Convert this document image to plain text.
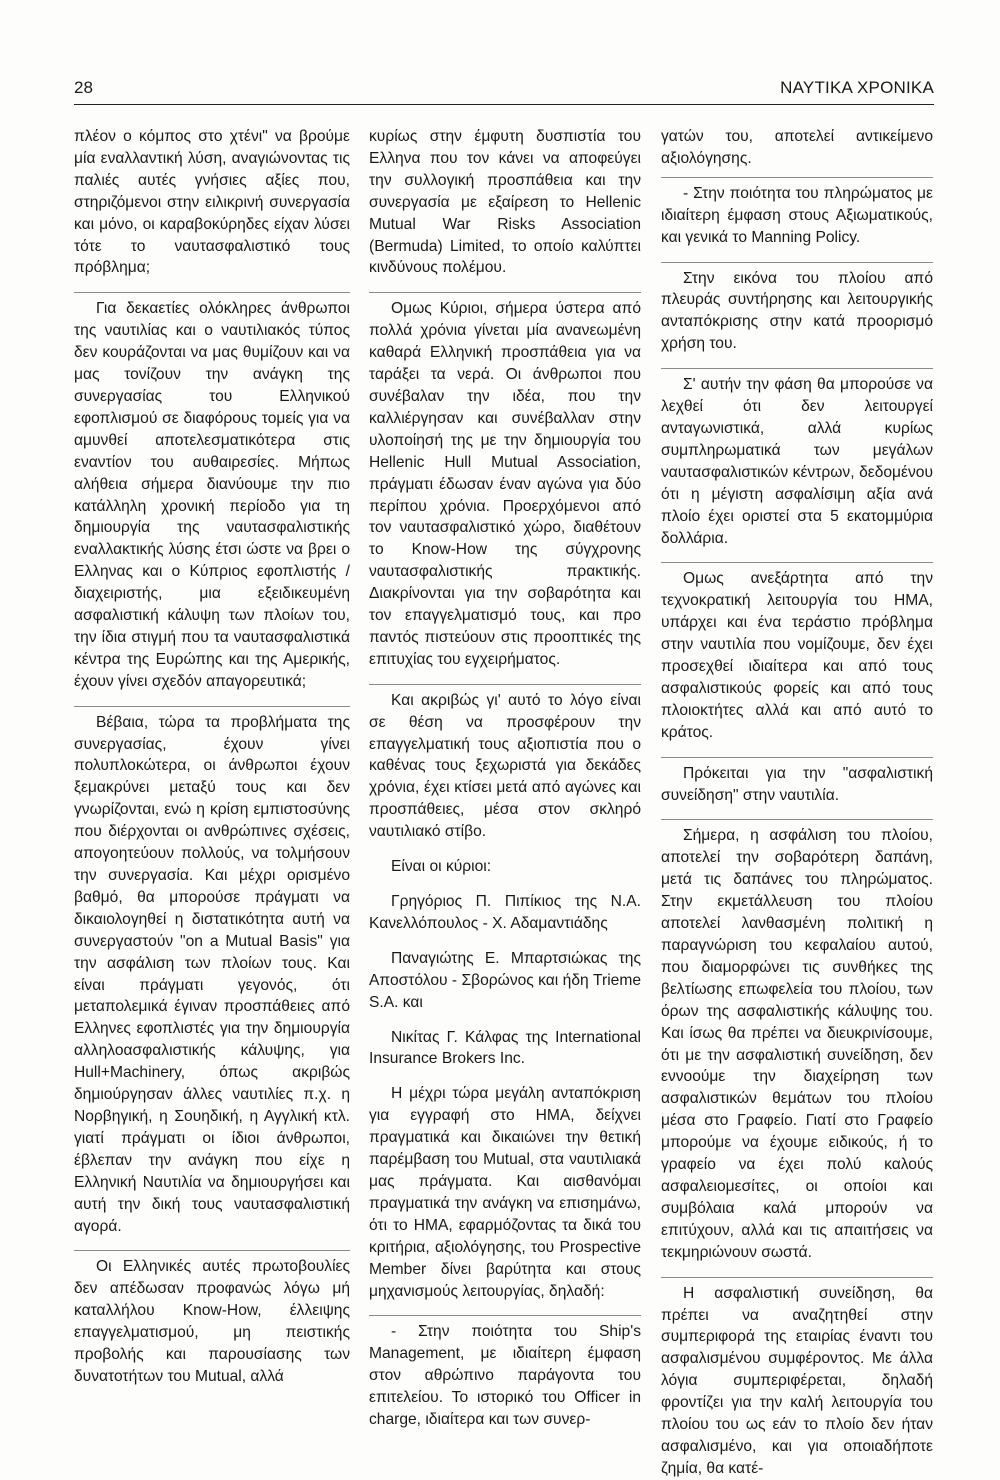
28	ΝΑΥΤΙΚΑ ΧΡΟΝΙΚΑ

πλέον ο κόμπος στο χτένι" να βρούμε μία εναλλαντική λύση, αναγιώνοντας τις παλιές αυτές γνήσιες αξίες που, στηριζόμενοι στην ειλικρινή συνεργασία και μόνο, οι καραβοκύρηδες είχαν λύσει τότε το ναυτασφαλιστικό τους πρόβλημα;

Για δεκαετίες ολόκληρες άνθρωποι της ναυτιλίας και ο ναυτιλιακός τύπος δεν κουράζονται να μας θυμίζουν και να μας τονίζουν την ανάγκη της συνεργασίας του Ελληνικού εφοπλισμού σε διαφόρους τομείς για να αμυνθεί αποτελεσματικότερα στις εναντίον του αυθαιρεσίες. Μήπως αλήθεια σήμερα διανύουμε την πιο κατάλληλη χρονική περίοδο για τη δημιουργία της ναυτασφαλιστικής εναλλακτικής λύσης έτσι ώστε να βρει ο Ελληνας και ο Κύπριος εφοπλιστής /διαχειριστής, μια εξειδικευμένη ασφαλιστική κάλυψη των πλοίων του, την ίδια στιγμή που τα ναυτασφαλιστικά κέντρα της Ευρώπης και της Αμερικής, έχουν γίνει σχεδόν απαγορευτικά;

Βέβαια, τώρα τα προβλήματα της συνεργασίας, έχουν γίνει πολυπλοκώτερα, οι άνθρωποι έχουν ξεμακρύνει μεταξύ τους και δεν γνωρίζονται, ενώ η κρίση εμπιστοσύνης που διέρχονται οι ανθρώπινες σχέσεις, απογοητεύουν πολλούς, να τολμήσουν την συνεργασία. Και μέχρι ορισμένο βαθμό, θα μπορούσε πράγματι να δικαιολογηθεί η διστατικότητα αυτή να συνεργαστούν "on a Mutual Basis" για την ασφάλιση των πλοίων τους. Και είναι πράγματι γεγονός, ότι μεταπολεμικά έγιναν προσπάθειες από Ελληνες εφοπλιστές για την δημιουργία αλληλοασφαλιστικής κάλυψης, για Hull+Machinery, όπως ακριβώς δημιούργησαν άλλες ναυτιλίες π.χ. η Νορβηγική, η Σουηδική, η Αγγλική κτλ. γιατί πράγματι οι ίδιοι άνθρωποι, έβλεπαν την ανάγκη που είχε η Ελληνική Ναυτιλία να δημιουργήσει και αυτή την δική τους ναυτασφαλιστική αγορά.

Οι Ελληνικές αυτές πρωτοβουλίες δεν απέδωσαν προφανώς λόγω μή καταλλήλου Know-How, έλλειψης επαγγελματισμού, μη πειστικής προβολής και παρουσίασης των δυνατοτήτων του Mutual, αλλά

κυρίως στην έμφυτη δυσπιστία του Ελληνα που τον κάνει να αποφεύγει την συλλογική προσπάθεια και την συνεργασία με εξαίρεση το Hellenic Mutual War Risks Association (Bermuda) Limited, το οποίο καλύπτει κινδύνους πολέμου.

Ομως Κύριοι, σήμερα ύστερα από πολλά χρόνια γίνεται μία ανανεωμένη καθαρά Ελληνική προσπάθεια για να ταράξει τα νερά. Οι άνθρωποι που συνέβαλαν την ιδέα, που την καλλιέργησαν και συνέβαλλαν στην υλοποίησή της με την δημιουργία του Hellenic Hull Mutual Association, πράγματι έδωσαν έναν αγώνα για δύο περίπου χρόνια. Προερχόμενοι από τον ναυτασφαλιστικό χώρο, διαθέτουν το Know-How της σύγχρονης ναυτασφαλιστικής πρακτικής. Διακρίνονται για την σοβαρότητα και τον επαγγελματισμό τους, και προ παντός πιστεύουν στις προοπτικές της επιτυχίας του εγχειρήματος.

Και ακριβώς γι' αυτό το λόγο είναι σε θέση να προσφέρουν την επαγγελματική τους αξιοπιστία που ο καθένας τους ξεχωριστά για δεκάδες χρόνια, έχει κτίσει μετά από αγώνες και προσπάθειες, μέσα στον σκληρό ναυτιλιακό στίβο.

Είναι οι κύριοι:

Γρηγόριος Π. Πιπίκιος της Ν.Α. Κανελλόπουλος - Χ. Αδαμαντιάδης

Παναγιώτης Ε. Μπαρτσιώκας της Αποστόλου - Σβορώνος και ήδη Trieme S.A. και

Νικίτας Γ. Κάλφας της International Insurance Brokers Inc.

Η μέχρι τώρα μεγάλη ανταπόκριση για εγγραφή στο ΗΜΑ, δείχνει πραγματικά και δικαιώνει την θετική παρέμβαση του Mutual, στα ναυτιλιακά μας πράγματα. Και αισθανόμαι πραγματικά την ανάγκη να επισημάνω, ότι το ΗΜΑ, εφαρμόζοντας τα δικά του κριτήρια, αξιολόγησης, του Prospective Member δίνει βαρύτητα και στους μηχανισμούς λειτουργίας, δηλαδή:

- Στην ποιότητα του Ship's Management, με ιδιαίτερη έμφαση στον αθρώπινο παράγοντα του επιτελείου. Το ιστορικό του Officer in charge, ιδιαίτερα και των συνερ-

γατών του, αποτελεί αντικείμενο αξιολόγησης.

- Στην ποιότητα του πληρώματος με ιδιαίτερη έμφαση στους Αξιωματικούς, και γενικά το Manning Policy.

Στην εικόνα του πλοίου από πλευράς συντήρησης και λειτουργικής ανταπόκρισης στην κατά προορισμό χρήση του.

Σ' αυτήν την φάση θα μπορούσε να λεχθεί ότι δεν λειτουργεί ανταγωνιστικά, αλλά κυρίως συμπληρωματικά των μεγάλων ναυτασφαλιστικών κέντρων, δεδομένου ότι η μέγιστη ασφαλίσιμη αξία ανά πλοίο έχει οριστεί στα 5 εκατομμύρια δολλάρια.

Ομως ανεξάρτητα από την τεχνοκρατική λειτουργία του ΗΜΑ, υπάρχει και ένα τεράστιο πρόβλημα στην ναυτιλία που νομίζουμε, δεν έχει προσεχθεί ιδιαίτερα και από τους ασφαλιστικούς φορείς και από τους πλοιοκτήτες αλλά και από αυτό το κράτος.

Πρόκειται για την "ασφαλιστική συνείδηση" στην ναυτιλία.

Σήμερα, η ασφάλιση του πλοίου, αποτελεί την σοβαρότερη δαπάνη, μετά τις δαπάνες του πληρώματος. Στην εκμετάλλευση του πλοίου αποτελεί λανθασμένη πολιτική η παραγνώριση του κεφαλαίου αυτού, που διαμορφώνει τις συνθήκες της βελτίωσης επωφελεία του πλοίου, των όρων της ασφαλιστικής κάλυψης του. Και ίσως θα πρέπει να διευκρινίσουμε, ότι με την ασφαλιστική συνείδηση, δεν εννοούμε την διαχείρηση των ασφαλιστικών θεμάτων του πλοίου μέσα στο Γραφείο. Γιατί στο Γραφείο μπορούμε να έχουμε ειδικούς, ή το γραφείο να έχει πολύ καλούς ασφαλειομεσίτες, οι οποίοι και συμβόλαια καλά μπορούν να επιτύχουν, αλλά και τις απαιτήσεις να τεκμηριώνουν σωστά.

Η ασφαλιστική συνείδηση, θα πρέπει να αναζητηθεί στην συμπεριφορά της εταιρίας έναντι του ασφαλισμένου συμφέροντος. Με άλλα λόγια συμπεριφέρεται, δηλαδή φροντίζει για την καλή λειτουργία του πλοίου του ως εάν το πλοίο δεν ήταν ασφαλισμένο, και για οποιαδήποτε ζημία, θα κατέ-
